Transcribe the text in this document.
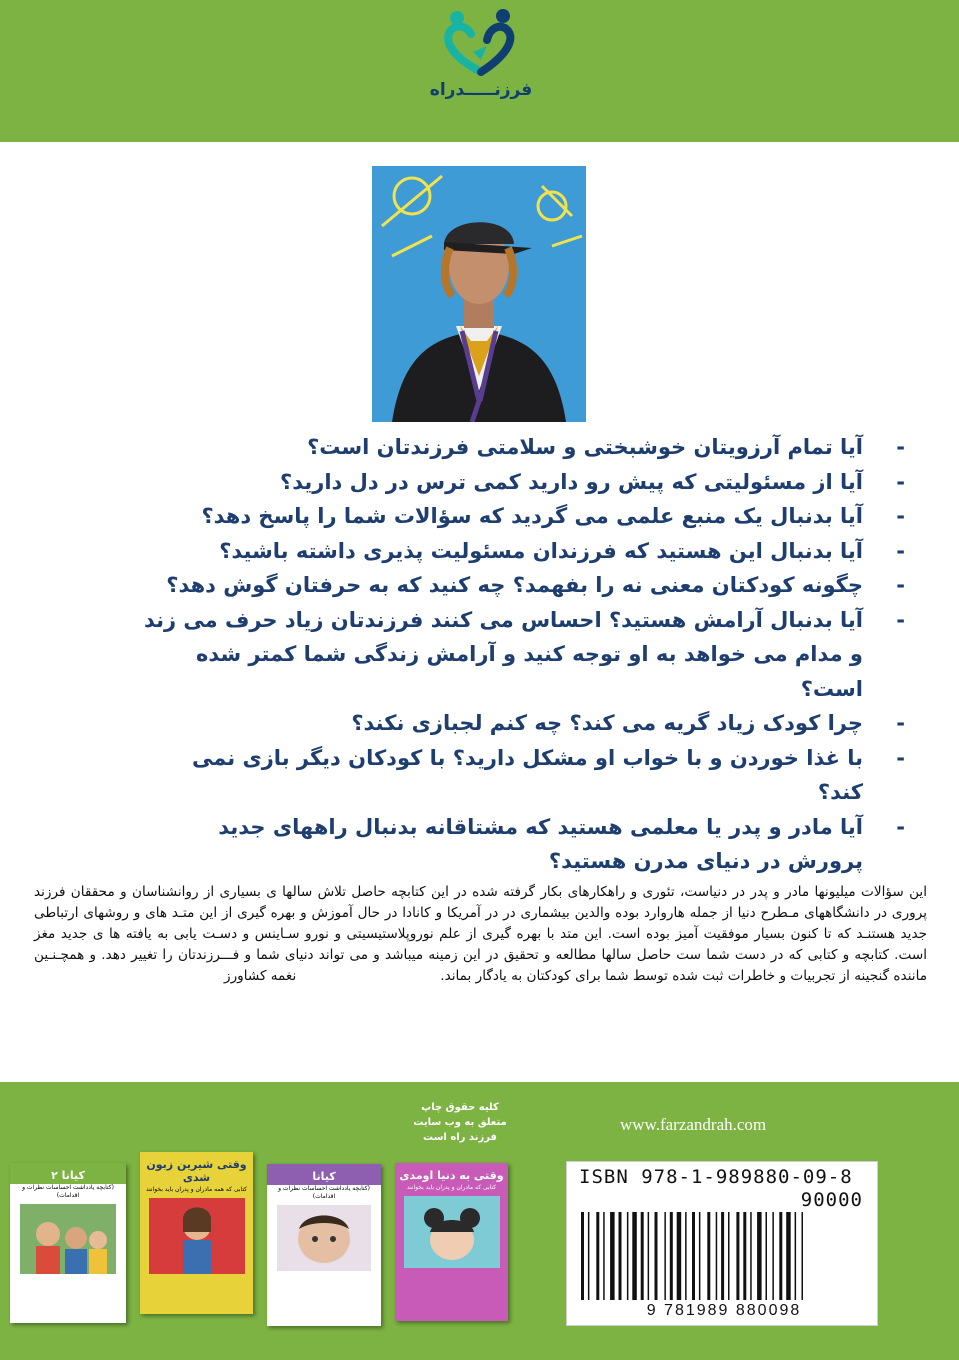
فرزنـــــدراه
-
آیا تمام آرزویتان خوشبختی و سلامتی فرزندتان است؟
-
آیا از مسئولیتی که پیش رو دارید کمی ترس در دل دارید؟
-
آیا بدنبال یک منبع علمی می گردید که سؤالات شما را پاسخ دهد؟
-
آیا بدنبال این هستید که فرزندان مسئولیت پذیری داشته باشید؟
-
چگونه کودکتان معنی نه را بفهمد؟ چه کنید که به حرفتان گوش دهد؟
-
آیا بدنبال آرامش هستید؟ احساس می کنند فرزندتان زیاد حرف می زند و مدام می خواهد به او توجه کنید و آرامش زندگی شما کمتر شده است؟
-
چرا کودک زیاد گریه می کند؟ چه کنم لجبازی نکند؟
-
با غذا خوردن و با خواب او مشکل دارید؟ با کودکان دیگر بازی نمی کند؟
-
آیا مادر و پدر یا معلمی هستید که مشتاقانه بدنبال راههای جدید پرورش در دنیای مدرن هستید؟
این سؤالات میلیونها مادر و پدر در دنیاست، تئوری و راهکارهای بکار گرفته شده در این کتابچه حاصل تلاش سالها ی بسیاری از روانشناسان و محققان فرزند پروری در دانشگاههای مـطرح دنیا از جمله هاروارد بوده والدین بیشماری در در آمریکا و کانادا در حال آموزش و بهره گیری از این متـد های و روشهای ارتباطی جدید هستنـد که تا کنون بسیار موفقیت آمیز بوده است. این متد با بهره گیری از علم نوروپلاستیسیتی و نورو سـاینس و دسـت یابی به یافته ها ی جدید مغز است. کتابچه و کتابی که در دست شما ست حاصل سالها مطالعه و تحقیق در این زمینه میباشد و می تواند دنیای شما و فـــرزندتان را تغییر دهد. و همچـنـین ماننده گنجینه از تجربیات و خاطرات ثبت شده توسط شما برای کودکتان به یادگار بماند.
نغمه کشاورز
کلیه حقوق چاپ
متعلق به وب سایت
فرزند راه است
www.farzandrah.com
ISBN 978-1-989880-09-8
90000
9 781989 880098
کیانا ۲
(کتابچه یادداشت احساسات نظرات و اقدامات)

وقتی شیرین زبون شدی
کتابی که همه مادران و پدران باید بخوانند
کیانا
(کتابچه یادداشت احساسات نظرات و اقدامات)
وقتی به دنیا اومدی
کتابی که مادران و پدران باید بخوانند
